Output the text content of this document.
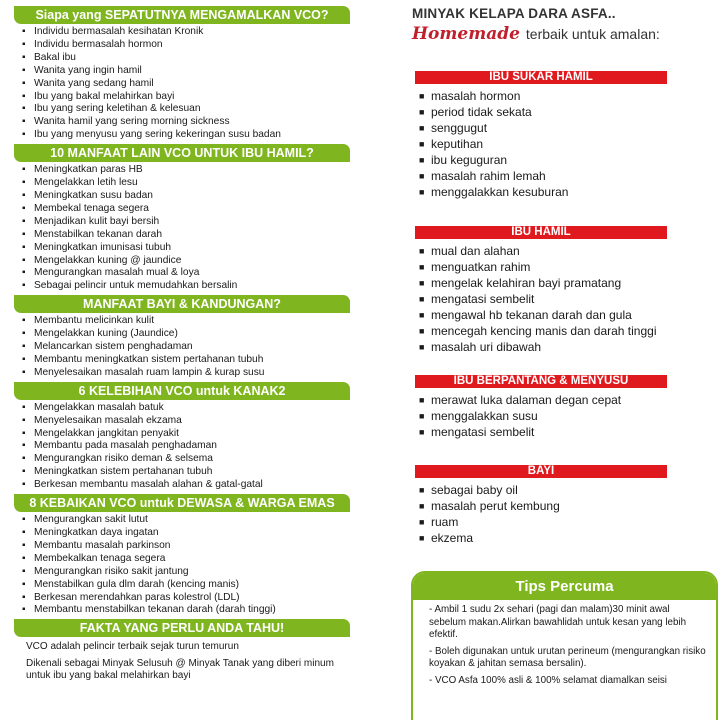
Siapa yang SEPATUTNYA MENGAMALKAN VCO?
▪ Individu bermasalah kesihatan Kronik
▪ Individu bermasalah hormon
▪ Bakal ibu
▪ Wanita yang ingin hamil
▪ Wanita yang sedang hamil
▪ Ibu yang bakal melahirkan bayi
▪ Ibu yang sering keletihan & kelesuan
▪ Wanita hamil yang sering morning sickness
▪ Ibu yang menyusu yang sering kekeringan susu badan
10 MANFAAT LAIN VCO UNTUK IBU HAMIL?
▪ Meningkatkan paras HB
▪ Mengelakkan letih lesu
▪ Meningkatkan susu badan
▪ Membekal tenaga segera
▪ Menjadikan kulit bayi bersih
▪ Menstabilkan tekanan darah
▪ Meningkatkan imunisasi tubuh
▪ Mengelakkan kuning @ jaundice
▪ Mengurangkan masalah mual & loya
▪ Sebagai pelincir untuk memudahkan bersalin
MANFAAT BAYI & KANDUNGAN?
▪ Membantu melicinkan kulit
▪ Mengelakkan kuning (Jaundice)
▪ Melancarkan sistem penghadaman
▪ Membantu meningkatkan sistem pertahanan tubuh
▪ Menyelesaikan masalah ruam lampin & kurap susu
6 KELEBIHAN VCO untuk KANAK2
▪ Mengelakkan masalah batuk
▪ Menyelesaikan masalah ekzama
▪ Mengelakkan jangkitan penyakit
▪ Membantu pada masalah penghadaman
▪ Mengurangkan risiko deman & selsema
▪ Meningkatkan sistem pertahanan tubuh
▪ Berkesan membantu masalah alahan & gatal-gatal
8 KEBAIKAN VCO untuk DEWASA & WARGA EMAS
▪ Mengurangkan sakit lutut
▪ Meningkatkan daya ingatan
▪ Membantu masalah parkinson
▪ Membekalkan tenaga segera
▪ Mengurangkan risiko sakit jantung
▪ Menstabilkan gula dlm darah (kencing manis)
▪ Berkesan merendahkan paras kolestrol (LDL)
▪ Membantu menstabilkan tekanan darah (darah tinggi)
FAKTA YANG PERLU ANDA TAHU!

VCO adalah pelincir terbaik sejak turun temurun

Dikenali sebagai Minyak Selusuh @ Minyak Tanak yang diberi minum untuk ibu yang bakal melahirkan bayi

MINYAK KELAPA DARA ASFA..
Homemade terbaik untuk amalan:
IBU SUKAR HAMIL
■ masalah hormon
■ period tidak sekata
■ senggugut
■ keputihan
■ ibu keguguran
■ masalah rahim lemah
■ menggalakkan kesuburan
IBU HAMIL
■ mual dan alahan
■ menguatkan rahim
■ mengelak kelahiran bayi pramatang
■ mengatasi sembelit
■ mengawal hb tekanan darah dan gula
■ mencegah kencing manis dan darah tinggi
■ masalah uri dibawah
IBU BERPANTANG & MENYUSU
■ merawat luka dalaman degan cepat
■ menggalakkan susu
■ mengatasi sembelit
BAYI
■ sebagai baby oil
■ masalah perut kembung
■ ruam
■ ekzema
Tips Percuma

- Ambil 1 sudu 2x sehari (pagi dan malam)30 minit awal sebelum makan.Alirkan bawahlidah untuk kesan yang lebih efektif.

- Boleh digunakan untuk urutan perineum (mengurangkan risiko koyakan & jahitan semasa bersalin).

- VCO Asfa 100% asli & 100% selamat diamalkan seisi
